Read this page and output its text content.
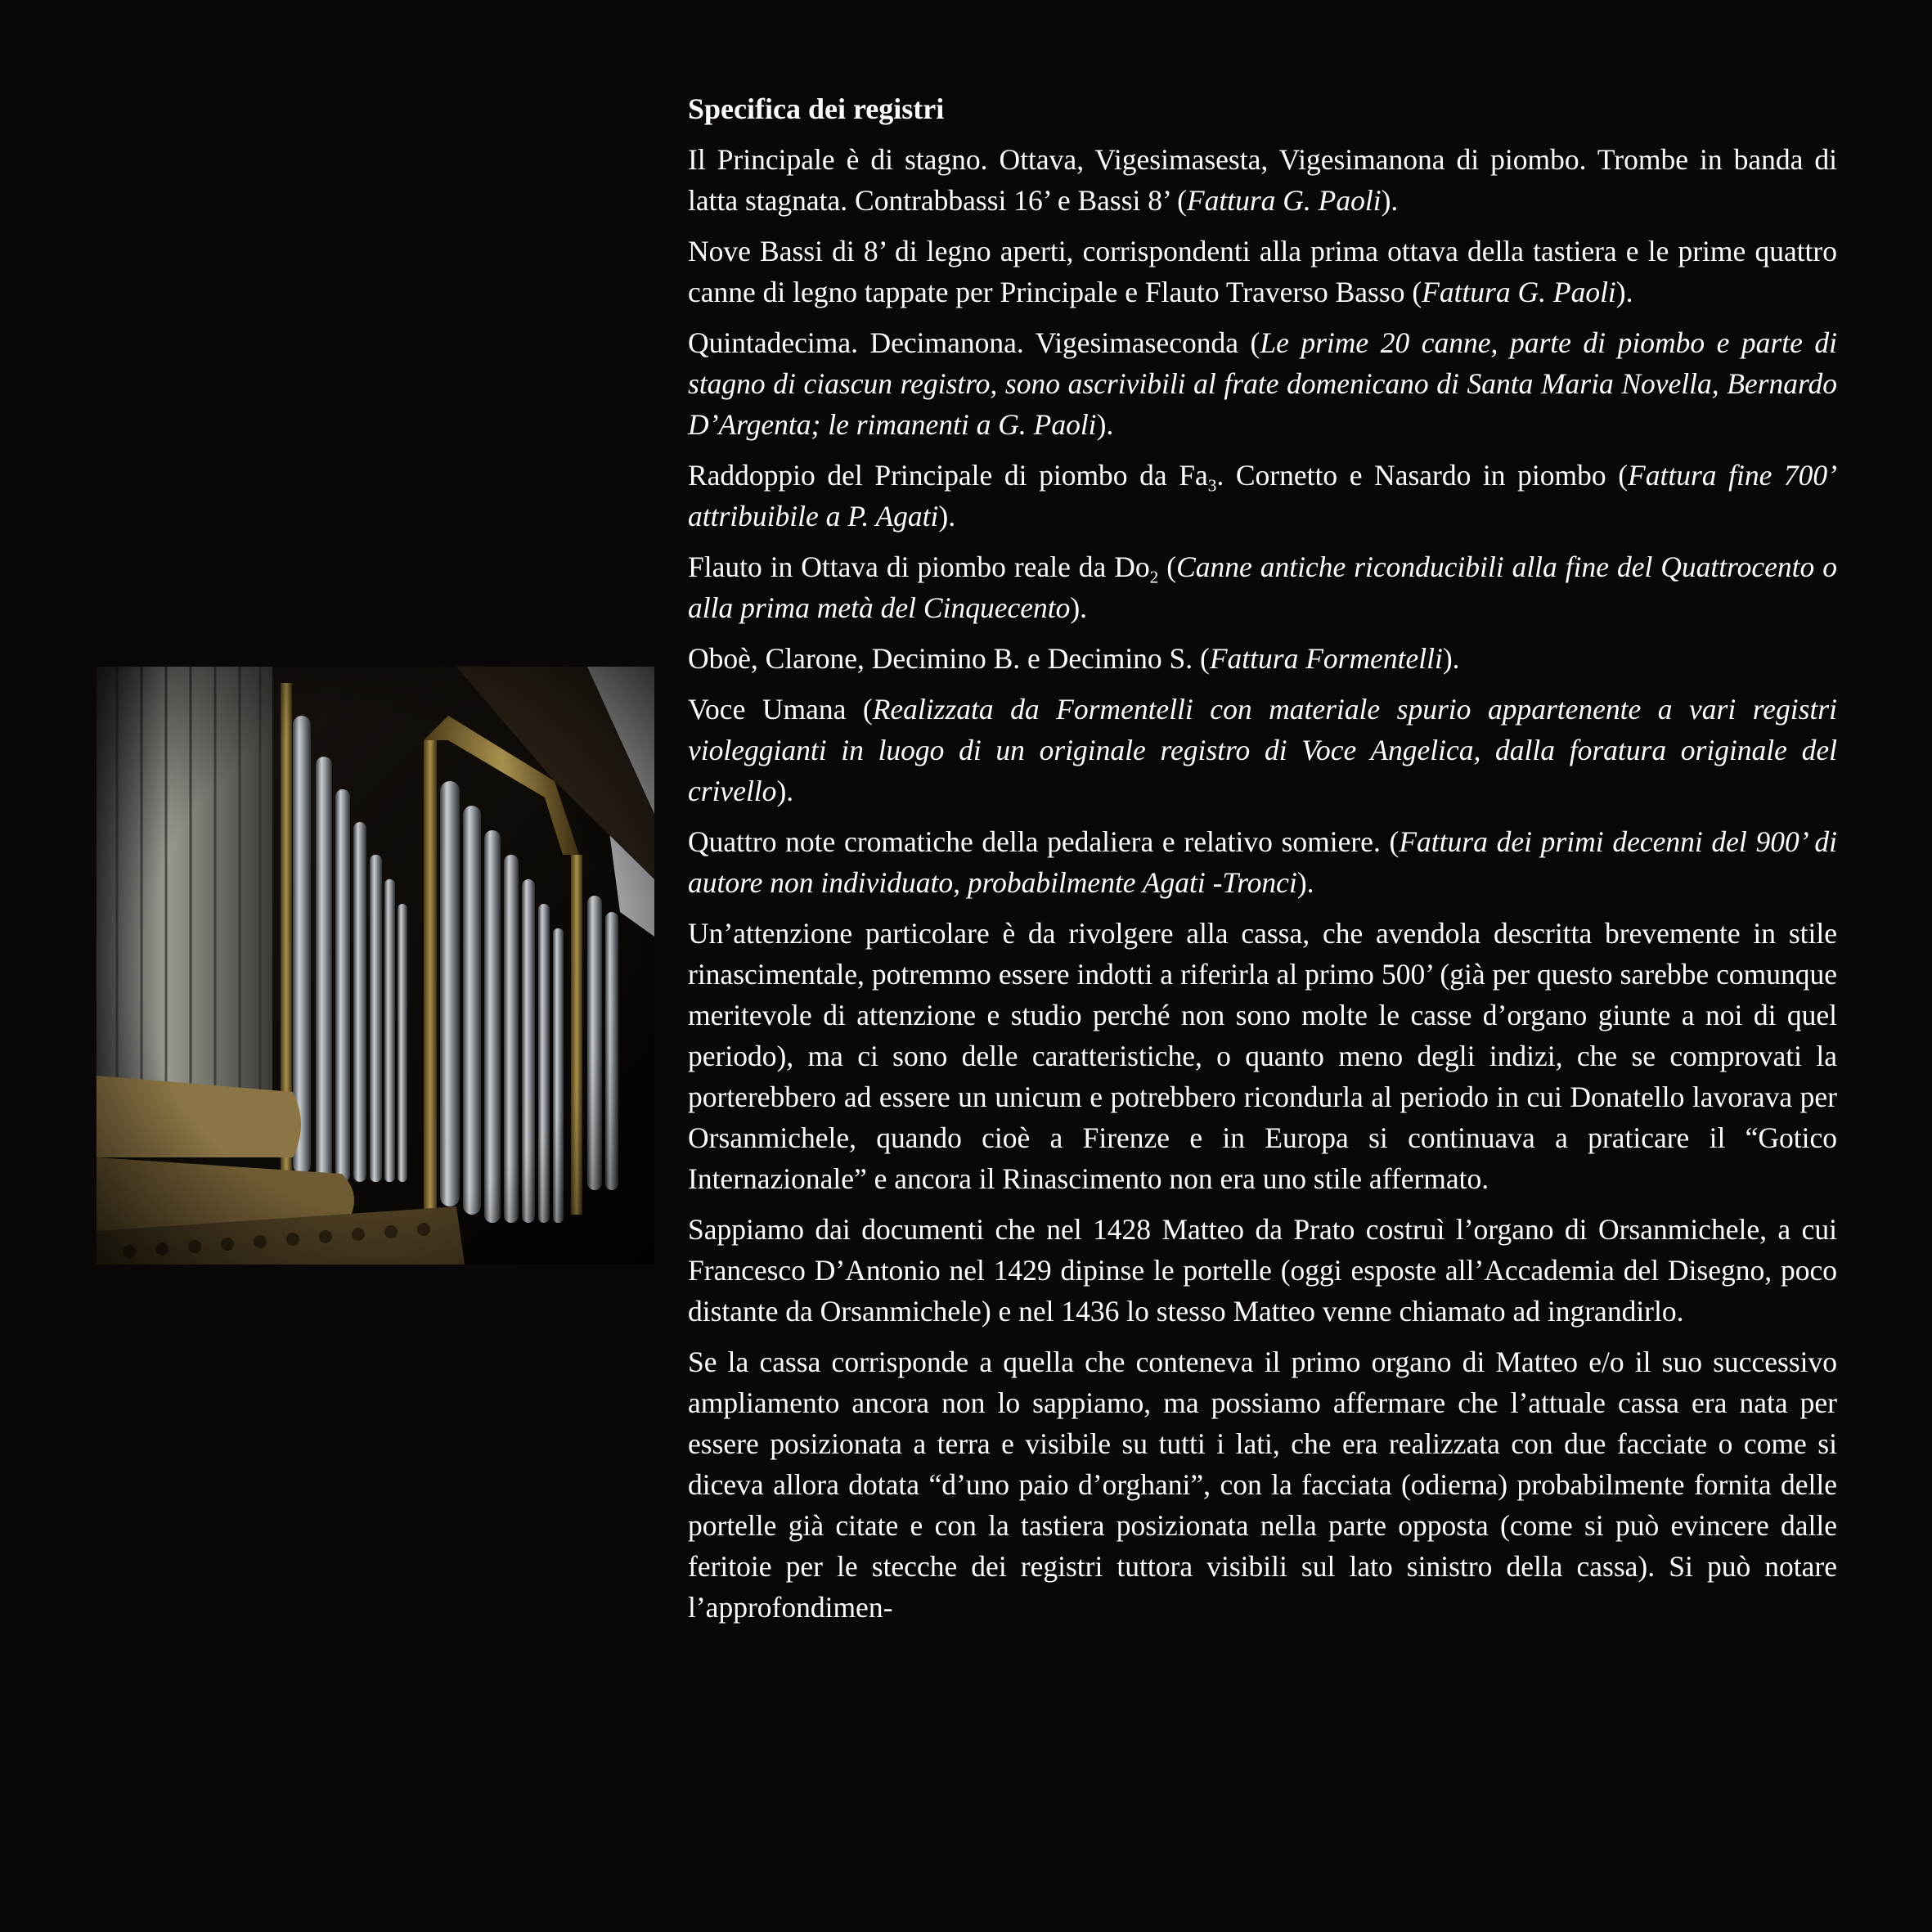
Specifica dei registri

Il Principale è di stagno. Ottava, Vigesimasesta, Vigesimanona di piombo. Trombe in banda di latta stagnata. Contrabbassi 16’ e Bassi 8’ (Fattura G. Paoli).

Nove Bassi di 8’ di legno aperti, corrispondenti alla prima ottava della tastiera e le prime quattro canne di legno tappate per Principale e Flauto Traverso Basso (Fattura G. Paoli).

Quintadecima. Decimanona. Vigesimaseconda (Le prime 20 canne, parte di piombo e parte di stagno di ciascun registro, sono ascrivibili al frate domenicano di Santa Maria Novella, Bernardo D’Argenta; le rimanenti a G. Paoli).

Raddoppio del Principale di piombo da $Fa_3$. Cornetto e Nasardo in piombo (Fattura fine 700’ attribuibile a P. Agati).

Flauto in Ottava di piombo reale da $Do_2$ (Canne antiche riconducibili alla fine del Quattrocento o alla prima metà del Cinquecento).

Oboè, Clarone, Decimino B. e Decimino S. (Fattura Formentelli).

Voce Umana (Realizzata da Formentelli con materiale spurio appartenente a vari registri violeggianti in luogo di un originale registro di Voce Angelica, dalla foratura originale del crivello).

Quattro note cromatiche della pedaliera e relativo somiere. (Fattura dei primi decenni del 900’ di autore non individuato, probabilmente Agati -Tronci).

Un’attenzione particolare è da rivolgere alla cassa, che avendola descritta brevemente in stile rinascimentale, potremmo essere indotti a riferirla al primo 500’ (già per questo sarebbe comunque meritevole di attenzione e studio perché non sono molte le casse d’organo giunte a noi di quel periodo), ma ci sono delle caratteristiche, o quanto meno degli indizi, che se comprovati la porterebbero ad essere un unicum e potrebbero ricondurla al periodo in cui Donatello lavorava per Orsanmichele, quando cioè a Firenze e in Europa si continuava a praticare il “Gotico Internazionale” e ancora il Rinascimento non era uno stile affermato.

Sappiamo dai documenti che nel 1428 Matteo da Prato costruì l’organo di Orsanmichele, a cui Francesco D’Antonio nel 1429 dipinse le portelle (oggi esposte all’Accademia del Disegno, poco distante da Orsanmichele) e nel 1436 lo stesso Matteo venne chiamato ad ingrandirlo.

Se la cassa corrisponde a quella che conteneva il primo organo di Matteo e/o il suo successivo ampliamento ancora non lo sappiamo, ma possiamo affermare che l’attuale cassa era nata per essere posizionata a terra e visibile su tutti i lati, che era realizzata con due facciate o come si diceva allora dotata “d’uno paio d’orghani”, con la facciata (odierna) probabilmente fornita delle portelle già citate e con la tastiera posizionata nella parte opposta (come si può evincere dalle feritoie per le stecche dei registri tuttora visibili sul lato sinistro della cassa). Si può notare l’approfondimen-
